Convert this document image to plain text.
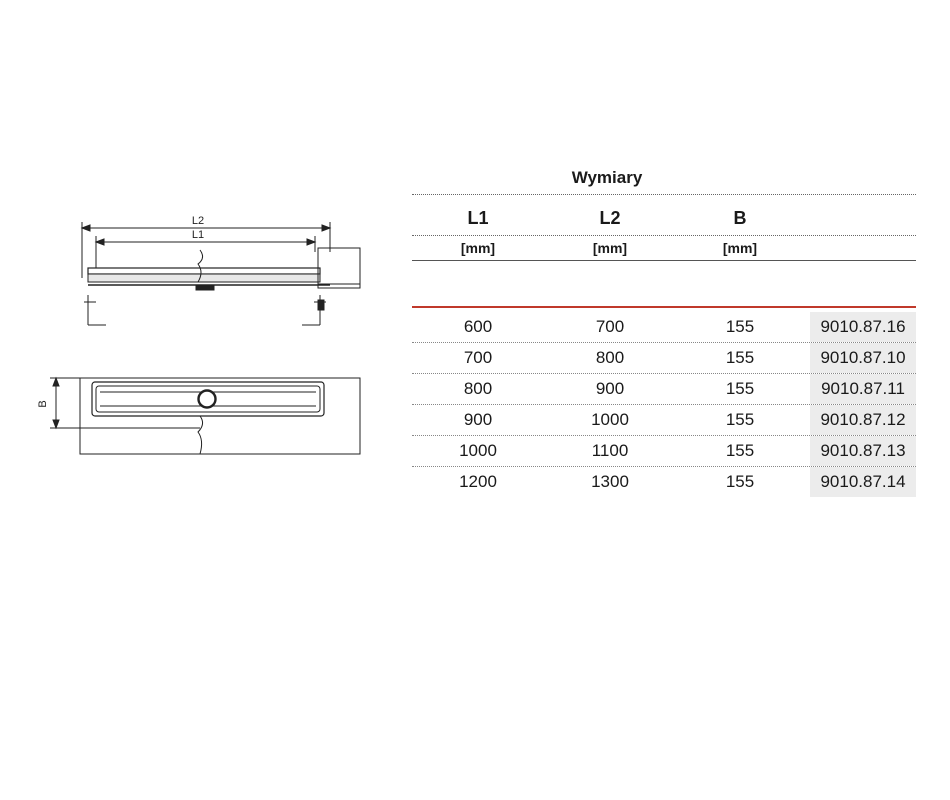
L2
L1
B
Wymiary
L1	L2	B
[mm]	[mm]	[mm]
600	700	155	9010.87.16
700	800	155	9010.87.10
800	900	155	9010.87.11
900	1000	155	9010.87.12
1000	1100	155	9010.87.13
1200	1300	155	9010.87.14
